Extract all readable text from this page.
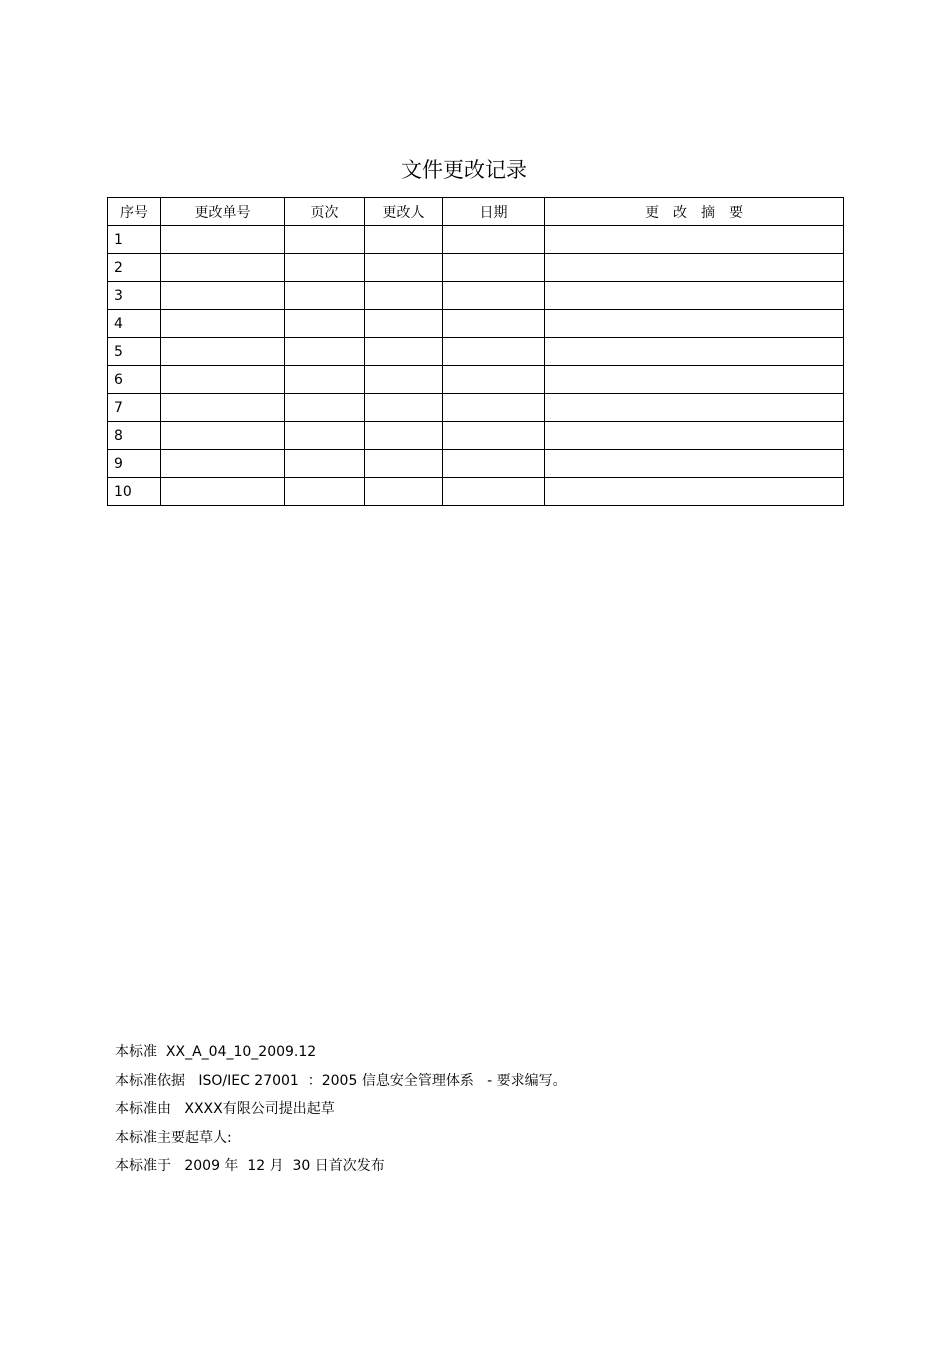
文件更改记录
序号	更改单号	页次	更改人	日期	更　改　摘　要
1					
2					
3					
4					
5					
6					
7					
8					
9					
10					
本标准  XX_A_04_10_2009.12
本标准依据   ISO/IEC 27001  ：2005 信息安全管理体系   - 要求编写。
本标准由   XXXX有限公司提出起草
本标准主要起草人:
本标准于   2009 年  12 月  30 日首次发布
